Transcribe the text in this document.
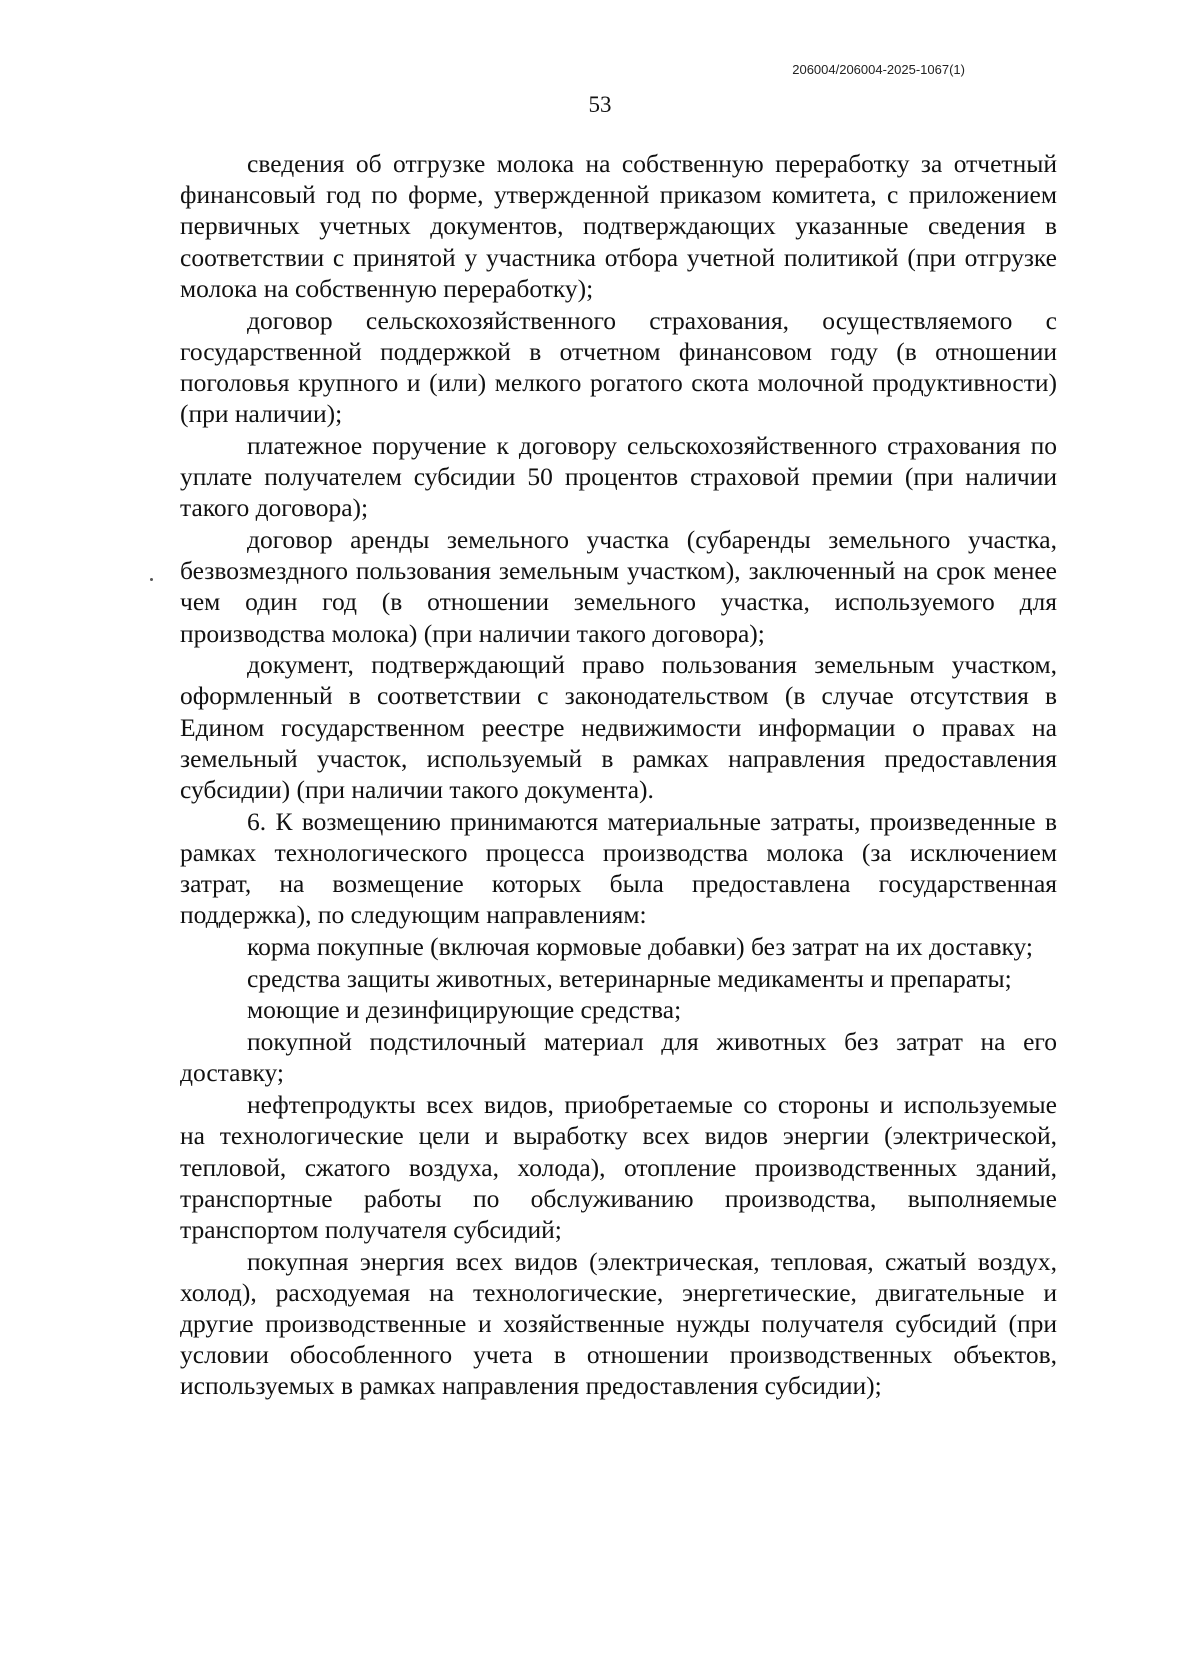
206004/206004-2025-1067(1)
53

сведения об отгрузке молока на собственную переработку за отчетный финансовый год по форме, утвержденной приказом комитета, с приложением первичных учетных документов, подтверждающих указанные сведения в соответствии с принятой у участника отбора учетной политикой (при отгрузке молока на собственную переработку);

договор сельскохозяйственного страхования, осуществляемого с государственной поддержкой в отчетном финансовом году (в отношении поголовья крупного и (или) мелкого рогатого скота молочной продуктивности) (при наличии);

платежное поручение к договору сельскохозяйственного страхования по уплате получателем субсидии 50 процентов страховой премии (при наличии такого договора);

договор аренды земельного участка (субаренды земельного участка, безвозмездного пользования земельным участком), заключенный на срок менее чем один год (в отношении земельного участка, используемого для производства молока) (при наличии такого договора);

документ, подтверждающий право пользования земельным участком, оформленный в соответствии с законодательством (в случае отсутствия в Едином государственном реестре недвижимости информации о правах на земельный участок, используемый в рамках направления предоставления субсидии) (при наличии такого документа).

6. К возмещению принимаются материальные затраты, произведенные в рамках технологического процесса производства молока (за исключением затрат, на возмещение которых была предоставлена государственная поддержка), по следующим направлениям:

корма покупные (включая кормовые добавки) без затрат на их доставку;

средства защиты животных, ветеринарные медикаменты и препараты;

моющие и дезинфицирующие средства;

покупной подстилочный материал для животных без затрат на его доставку;

нефтепродукты всех видов, приобретаемые со стороны и используемые на технологические цели и выработку всех видов энергии (электрической, тепловой, сжатого воздуха, холода), отопление производственных зданий, транспортные работы по обслуживанию производства, выполняемые транспортом получателя субсидий;

покупная энергия всех видов (электрическая, тепловая, сжатый воздух, холод), расходуемая на технологические, энергетические, двигательные и другие производственные и хозяйственные нужды получателя субсидий (при условии обособленного учета в отношении производственных объектов, используемых в рамках направления предоставления субсидии);
